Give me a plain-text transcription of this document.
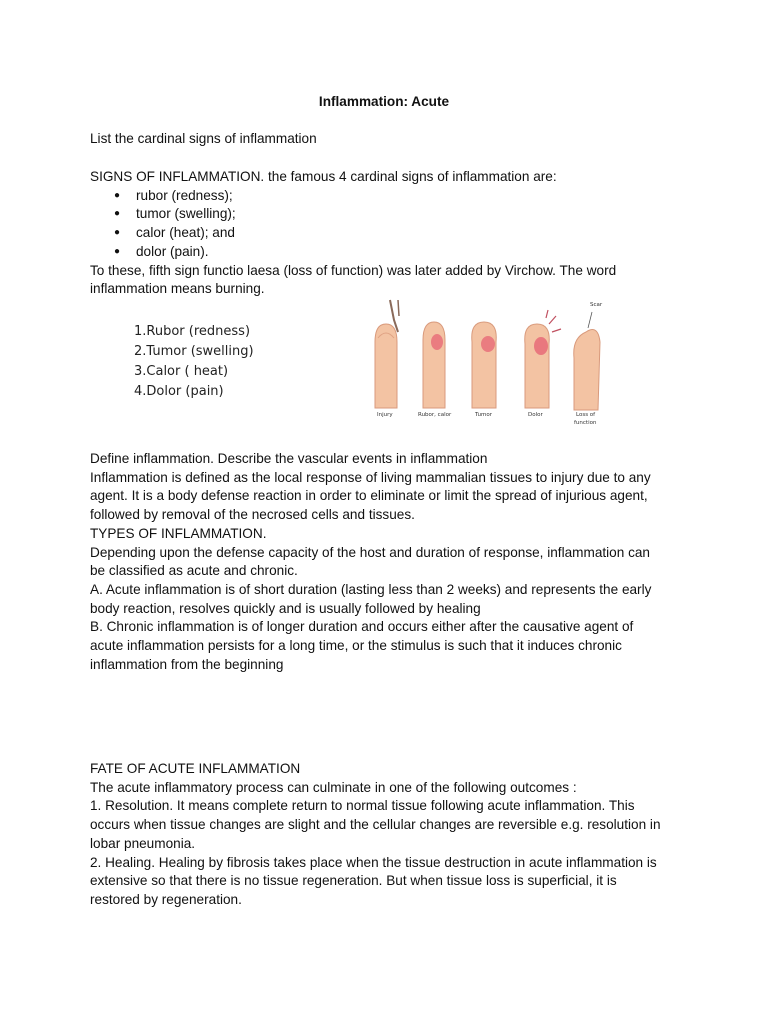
Inflammation: Acute
List the cardinal signs of inflammation
SIGNS OF INFLAMMATION. the famous 4 cardinal signs of inflammation are:
● rubor (redness);
● tumor (swelling);
● calor (heat); and
● dolor (pain).
To these, fifth sign functio laesa (loss of function) was later added by Virchow. The word
inflammation means burning.
1.Rubor (redness)
2.Tumor (swelling)
3.Calor ( heat)
4.Dolor (pain)
Injury	Rubor, calor	Tumor	Dolor	Loss of
function
Scar
Define inflammation. Describe the vascular events in inflammation
Inflammation is defined as the local response of living mammalian tissues to injury due to any
agent. It is a body defense reaction in order to eliminate or limit the spread of injurious agent,
followed by removal of the necrosed cells and tissues.
TYPES OF INFLAMMATION.
Depending upon the defense capacity of the host and duration of response, inflammation can
be classified as acute and chronic.
A. Acute inflammation is of short duration (lasting less than 2 weeks) and represents the early
body reaction, resolves quickly and is usually followed by healing
B. Chronic inflammation is of longer duration and occurs either after the causative agent of
acute inflammation persists for a long time, or the stimulus is such that it induces chronic
inflammation from the beginning
FATE OF ACUTE INFLAMMATION
The acute inflammatory process can culminate in one of the following outcomes :
1. Resolution. It means complete return to normal tissue following acute inflammation. This
occurs when tissue changes are slight and the cellular changes are reversible e.g. resolution in
lobar pneumonia.
2. Healing. Healing by fibrosis takes place when the tissue destruction in acute inflammation is
extensive so that there is no tissue regeneration. But when tissue loss is superficial, it is
restored by regeneration.
